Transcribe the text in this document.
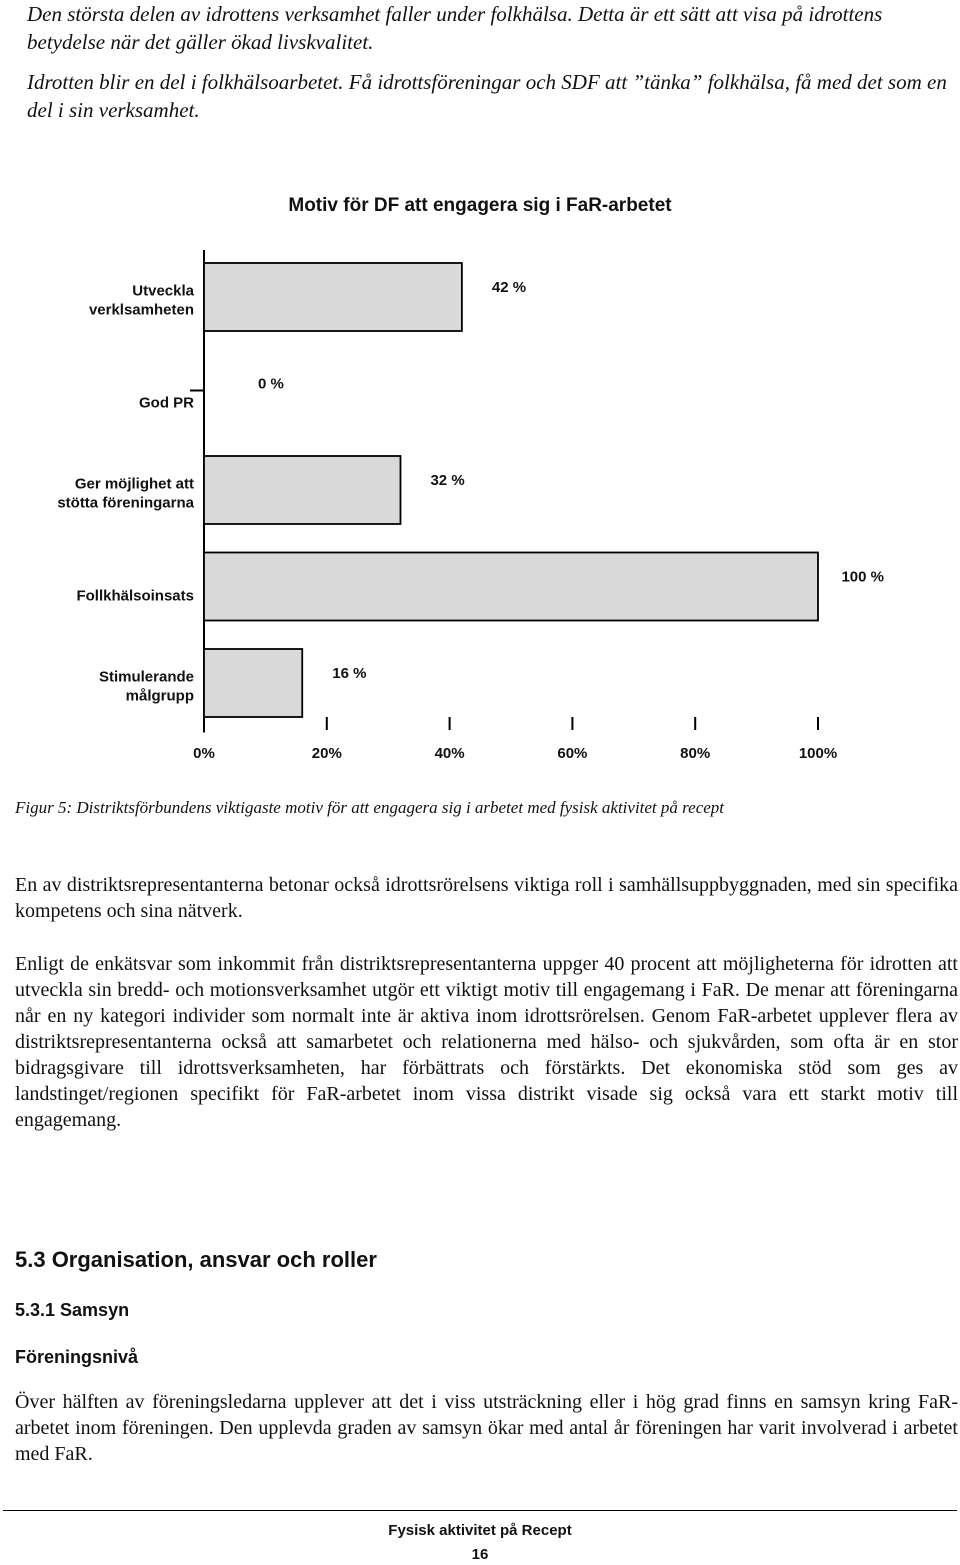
Den största delen av idrottens verksamhet faller under folkhälsa. Detta är ett sätt att visa på idrottens betydelse när det gäller ökad livskvalitet.

Idrotten blir en del i folkhälsoarbetet. Få idrottsföreningar och SDF att ”tänka” folkhälsa, få med det som en del i sin verksamhet.

Motiv för DF att engagera sig i FaR-arbetet
Utveckla
verklsamheten
42 %
God PR
0 %
Ger möjlighet att
stötta föreningarna
32 %
Follkhälsoinsats
100 %
Stimulerande
målgrupp
16 %
0%	20%	40%	60%	80%	100%

Figur 5: Distriktsförbundens viktigaste motiv för att engagera sig i arbetet med fysisk aktivitet på recept

En av distriktsrepresentanterna betonar också idrottsrörelsens viktiga roll i samhällsuppbyggnaden, med sin specifika kompetens och sina nätverk.

Enligt de enkätsvar som inkommit från distriktsrepresentanterna uppger 40 procent att möjligheterna för idrotten att utveckla sin bredd- och motionsverksamhet utgör ett viktigt motiv till engagemang i FaR. De menar att föreningarna når en ny kategori individer som normalt inte är aktiva inom idrottsrörelsen. Genom FaR-arbetet upplever flera av distriktsrepresentanterna också att samarbetet och relationerna med hälso- och sjukvården, som ofta är en stor bidragsgivare till idrottsverksamheten, har förbättrats och förstärkts. Det ekonomiska stöd som ges av landstinget/regionen specifikt för FaR-arbetet inom vissa distrikt visade sig också vara ett starkt motiv till engagemang.

5.3 Organisation, ansvar och roller
5.3.1 Samsyn
Föreningsnivå

Över hälften av föreningsledarna upplever att det i viss utsträckning eller i hög grad finns en samsyn kring FaR-arbetet inom föreningen. Den upplevda graden av samsyn ökar med antal år föreningen har varit involverad i arbetet med FaR.

Fysisk aktivitet på Recept
16
